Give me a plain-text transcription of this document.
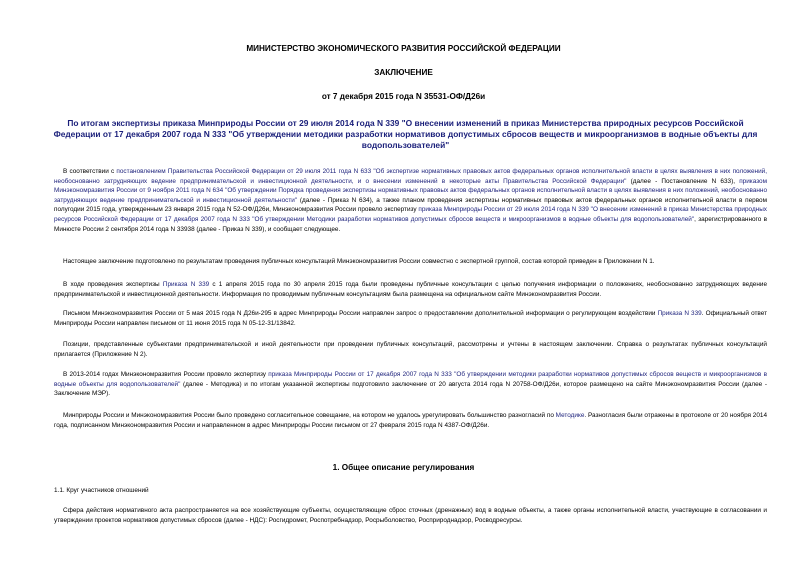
МИНИСТЕРСТВО ЭКОНОМИЧЕСКОГО РАЗВИТИЯ РОССИЙСКОЙ ФЕДЕРАЦИИ
ЗАКЛЮЧЕНИЕ
от 7 декабря 2015 года N 35531-ОФ/Д26и
По итогам экспертизы приказа Минприроды России от 29 июля 2014 года N 339 "О внесении изменений в приказ Министерства природных ресурсов Российской Федерации от 17 декабря 2007 года N 333 "Об утверждении методики разработки нормативов допустимых сбросов веществ и микроорганизмов в водные объекты для водопользователей"
В соответствии с постановлением Правительства Российской Федерации от 29 июля 2011 года N 633 "Об экспертизе нормативных правовых актов федеральных органов исполнительной власти в целях выявления в них положений, необоснованно затрудняющих ведение предпринимательской и инвестиционной деятельности, и о внесении изменений в некоторые акты Правительства Российской Федерации" (далее - Постановление N 633), приказом Минэкономразвития России от 9 ноября 2011 года N 634 "Об утверждении Порядка проведения экспертизы нормативных правовых актов федеральных органов исполнительной власти в целях выявления в них положений, необоснованно затрудняющих ведение предпринимательской и инвестиционной деятельности" (далее - Приказ N 634), а также планом проведения экспертизы нормативных правовых актов федеральных органов исполнительной власти в первом полугодии 2015 года, утвержденным 23 января 2015 года N 52-ОФ/Д26и, Минэкономразвития России провело экспертизу приказа Минприроды России от 29 июля 2014 года N 339 "О внесении изменений в приказ Министерства природных ресурсов Российской Федерации от 17 декабря 2007 года N 333 "Об утверждении Методики разработки нормативов допустимых сбросов веществ и микроорганизмов в водные объекты для водопользователей", зарегистрированного в Минюсте России 2 сентября 2014 года N 33938 (далее - Приказ N 339), и сообщает следующее.
Настоящее заключение подготовлено по результатам проведения публичных консультаций Минэкономразвития России совместно с экспертной группой, состав которой приведен в Приложении N 1.
В ходе проведения экспертизы Приказа N 339 с 1 апреля 2015 года по 30 апреля 2015 года были проведены публичные консультации с целью получения информации о положениях, необоснованно затрудняющих ведение предпринимательской и инвестиционной деятельности. Информация по проводимым публичным консультациям была размещена на официальном сайте Минэкономразвития России.
Письмом Минэкономразвития России от 5 мая 2015 года N Д26и-295 в адрес Минприроды России направлен запрос о предоставлении дополнительной информации о регулирующем воздействии Приказа N 339. Официальный ответ Минприроды России направлен письмом от 11 июня 2015 года N 05-12-31/13842.
Позиции, представленные субъектами предпринимательской и иной деятельности при проведении публичных консультаций, рассмотрены и учтены в настоящем заключении. Справка о результатах публичных консультаций прилагается (Приложение N 2).
В 2013-2014 годах Минэкономразвития России провело экспертизу приказа Минприроды России от 17 декабря 2007 года N 333 "Об утверждении методики разработки нормативов допустимых сбросов веществ и микроорганизмов в водные объекты для водопользователей" (далее - Методика) и по итогам указанной экспертизы подготовило заключение от 20 августа 2014 года N 20758-ОФ/Д26и, которое размещено на сайте Минэкономразвития России (далее - Заключение МЭР).
Минприроды России и Минэкономразвития России было проведено согласительное совещание, на котором не удалось урегулировать большинство разногласий по Методике. Разногласия были отражены в протоколе от 20 ноября 2014 года, подписанном Минэкономразвития России и направленном в адрес Минприроды России письмом от 27 февраля 2015 года N 4387-ОФ/Д26и.
1. Общее описание регулирования
1.1. Круг участников отношений
Сфера действия нормативного акта распространяется на все хозяйствующие субъекты, осуществляющие сброс сточных (дренажных) вод в водные объекты, а также органы исполнительной власти, участвующие в согласовании и утверждении проектов нормативов допустимых сбросов (далее - НДС): Росгидромет, Роспотребнадзор, Росрыболовство, Росприроднадзор, Росводресурсы.
